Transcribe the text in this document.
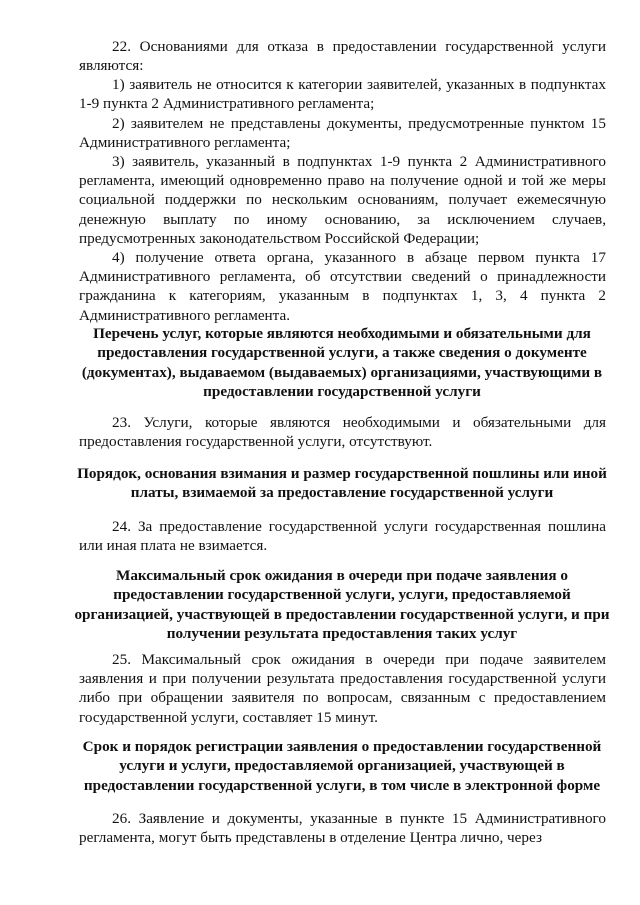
22. Основаниями для отказа в предоставлении государственной услуги являются:

1) заявитель не относится к категории заявителей, указанных в подпунктах 1-9 пункта 2 Административного регламента;

2) заявителем не представлены документы, предусмотренные пунктом 15 Административного регламента;

3) заявитель, указанный в подпунктах 1-9 пункта 2 Административного регламента, имеющий одновременно право на получение одной и той же меры социальной поддержки по нескольким основаниям, получает ежемесячную денежную выплату по иному основанию, за исключением случаев, предусмотренных законодательством Российской Федерации;

4) получение ответа органа, указанного в абзаце первом пункта 17 Административного регламента, об отсутствии сведений о принадлежности гражданина к категориям, указанным в подпунктах 1, 3, 4 пункта 2 Административного регламента.

Перечень услуг, которые являются необходимыми и обязательными для предоставления государственной услуги, а также сведения о документе (документах), выдаваемом (выдаваемых) организациями, участвующими в предоставлении государственной услуги

23. Услуги, которые являются необходимыми и обязательными для предоставления государственной услуги, отсутствуют.

Порядок, основания взимания и размер государственной пошлины или иной платы, взимаемой за предоставление государственной услуги

24. За предоставление государственной услуги государственная пошлина или иная плата не взимается.

Максимальный срок ожидания в очереди при подаче заявления о предоставлении государственной услуги, услуги, предоставляемой организацией, участвующей в предоставлении государственной услуги, и при получении результата предоставления таких услуг

25. Максимальный срок ожидания в очереди при подаче заявителем заявления и при получении результата предоставления государственной услуги либо при обращении заявителя по вопросам, связанным с предоставлением государственной услуги, составляет 15 минут.

Срок и порядок регистрации заявления о предоставлении государственной услуги и услуги, предоставляемой организацией, участвующей в предоставлении государственной услуги, в том числе в электронной форме

26. Заявление и документы, указанные в пункте 15 Административного регламента, могут быть представлены в отделение Центра лично, через
